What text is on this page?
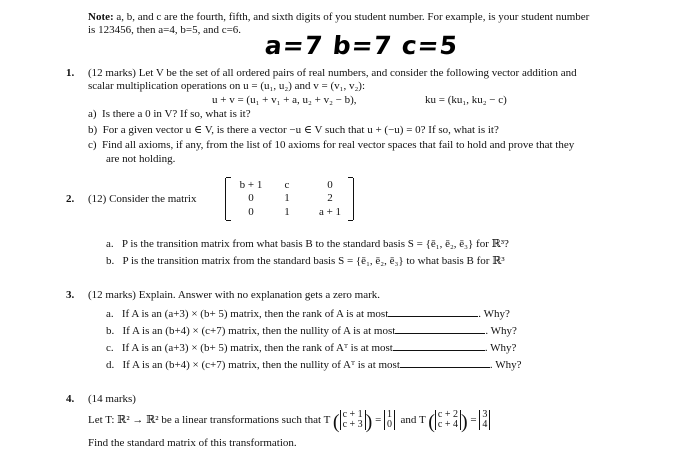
Note: a, b, and c are the fourth, fifth, and sixth digits of you student number. For example, is your student number
is 123456, then a=4, b=5, and c=6.
a=7 b=7 c=5
1. (12 marks) Let V be the set of all ordered pairs of real numbers, and consider the following vector addition and
scalar multiplication operations on u = (u₁, u₂) and v = (v₁, v₂):
u + v = (u₁ + v₁ + a, u₂ + v₂ − b),	ku = (ku₁, ku₂ − c)
a) Is there a 0 in V? If so, what is it?
b) For a given vector u ∈ V, is there a vector −u ∈ V such that u + (−u) = 0? If so, what is it?
c) Find all axioms, if any, from the list of 10 axioms for real vector spaces that fail to hold and prove that they
are not holding.
2. (12) Consider the matrix
b + 1	c	0
0	1	2
0	1	a + 1
a. P is the transition matrix from what basis B to the standard basis S = {ē₁, ē₂, ē₃} for ℝ³?
b. P is the transition matrix from the standard basis S = {ē₁, ē₂, ē₃} to what basis B for ℝ³
3. (12 marks) Explain. Answer with no explanation gets a zero mark.
a. If A is an (a+3) × (b+ 5) matrix, then the rank of A is at most	. Why?
b. If A is an (b+4) × (c+7) matrix, then the nullity of A is at most	. Why?
c. If A is an (a+3) × (b+ 5) matrix, then the rank of Aᵀ is at most	. Why?
d. If A is an (b+4) × (c+7) matrix, then the nullity of Aᵀ is at most	. Why?
4. (14 marks)
Let T: ℝ² → ℝ² be a linear transformations such that T ( c + 1
c + 3 ) = 1
0 and T ( c + 2
c + 4 ) = 3
4
Find the standard matrix of this transformation.
